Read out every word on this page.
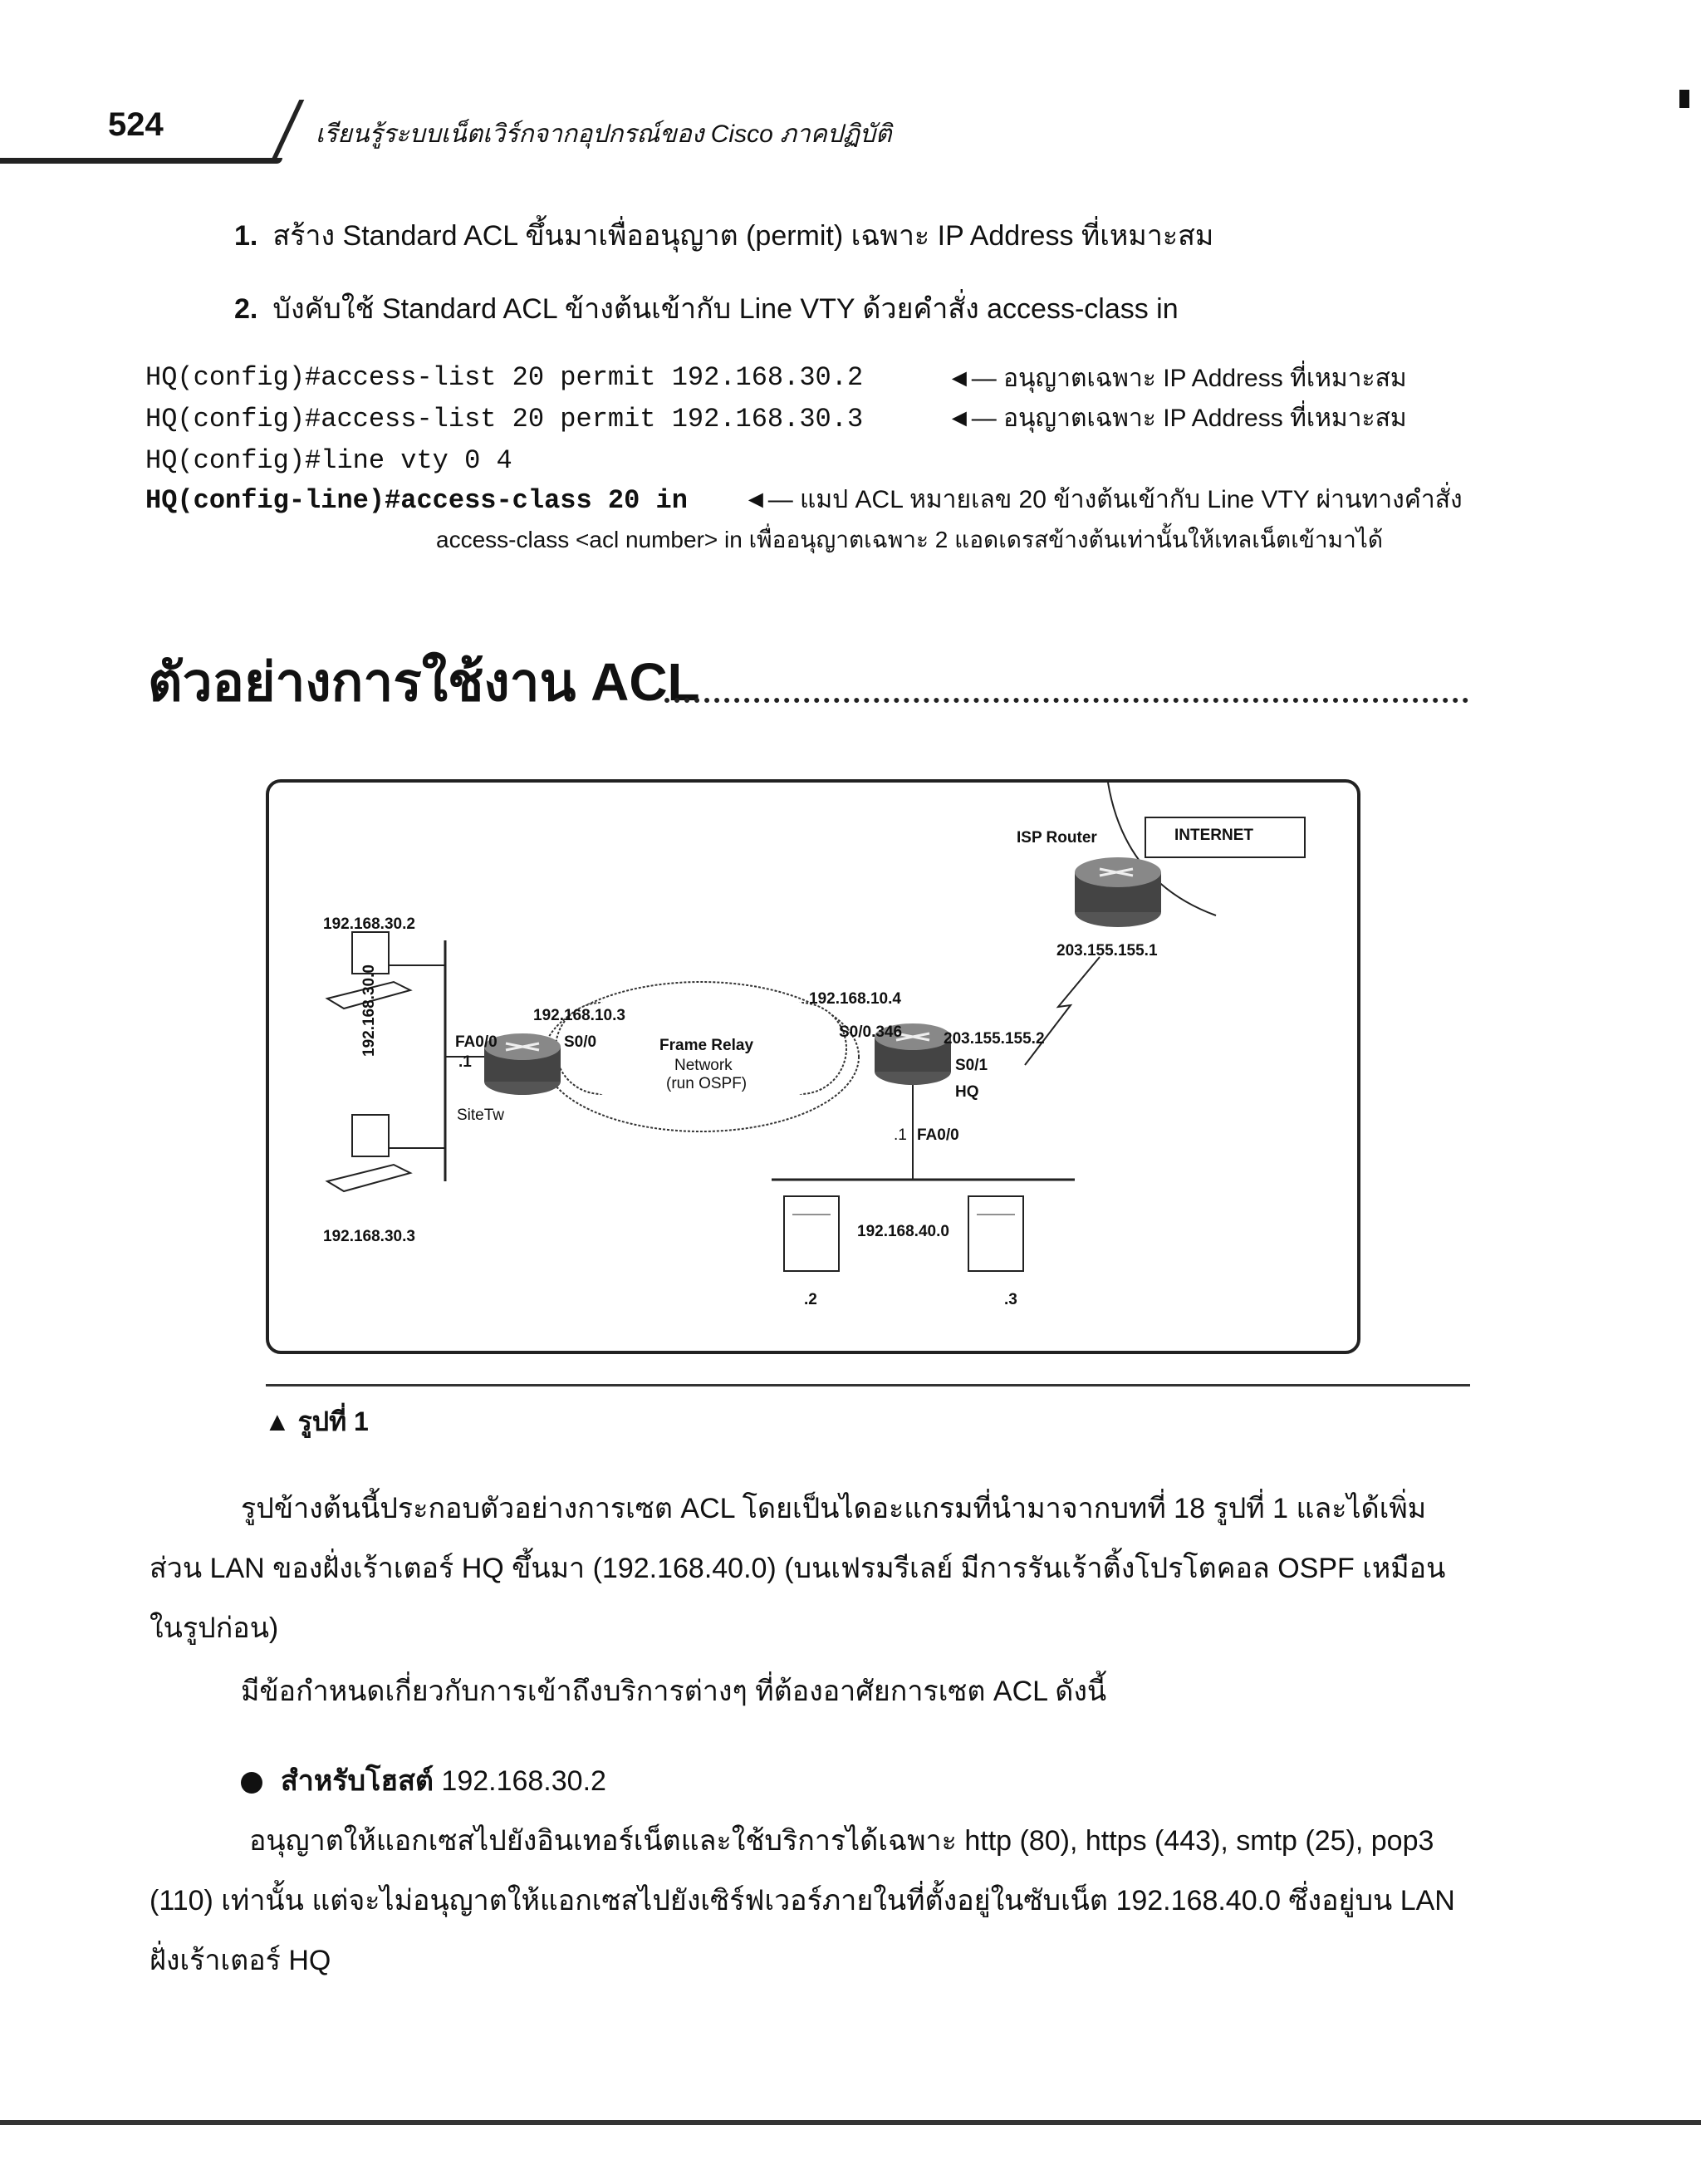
524	เรียนรู้ระบบเน็ตเวิร์กจากอุปกรณ์ของ Cisco ภาคปฏิบัติ
1. สร้าง Standard ACL ขึ้นมาเพื่ออนุญาต (permit) เฉพาะ IP Address ที่เหมาะสม
2. บังคับใช้ Standard ACL ข้างต้นเข้ากับ Line VTY ด้วยคำสั่ง access-class in
HQ(config)#access-list 20 permit 192.168.30.2	◄— อนุญาตเฉพาะ IP Address ที่เหมาะสม
HQ(config)#access-list 20 permit 192.168.30.3	◄— อนุญาตเฉพาะ IP Address ที่เหมาะสม
HQ(config)#line vty 0 4
HQ(config-line)#access-class 20 in ◄— แมป ACL หมายเลข 20 ข้างต้นเข้ากับ Line VTY ผ่านทางคำสั่ง
access-class <acl number> in เพื่ออนุญาตเฉพาะ 2 แอดเดรสข้างต้นเท่านั้นให้เทลเน็ตเข้ามาได้
ตัวอย่างการใช้งาน ACL
INTERNET
ISP Router
203.155.155.1
192.168.30.2
192.168.30.3
192.168.30.0	FA0/0
.1
SiteTw
192.168.10.3
S0/0	Frame Relay
Network
(run OSPF)
192.168.10.4
S0/0.346	203.155.155.2
S0/1
HQ
.1 FA0/0
192.168.40.0
.2	.3
▲ รูปที่ 1
รูปข้างต้นนี้ประกอบตัวอย่างการเซต ACL โดยเป็นไดอะแกรมที่นำมาจากบทที่ 18 รูปที่ 1 และได้เพิ่มส่วน LAN ของฝั่งเร้าเตอร์ HQ ขึ้นมา (192.168.40.0) (บนเฟรมรีเลย์ มีการรันเร้าติ้งโปรโตคอล OSPF เหมือนในรูปก่อน)
มีข้อกำหนดเกี่ยวกับการเข้าถึงบริการต่างๆ ที่ต้องอาศัยการเซต ACL ดังนี้
สำหรับโฮสต์ 192.168.30.2
อนุญาตให้แอกเซสไปยังอินเทอร์เน็ตและใช้บริการได้เฉพาะ http (80), https (443), smtp (25), pop3 (110) เท่านั้น แต่จะไม่อนุญาตให้แอกเซสไปยังเซิร์ฟเวอร์ภายในที่ตั้งอยู่ในซับเน็ต 192.168.40.0 ซึ่งอยู่บน LAN ฝั่งเร้าเตอร์ HQ
